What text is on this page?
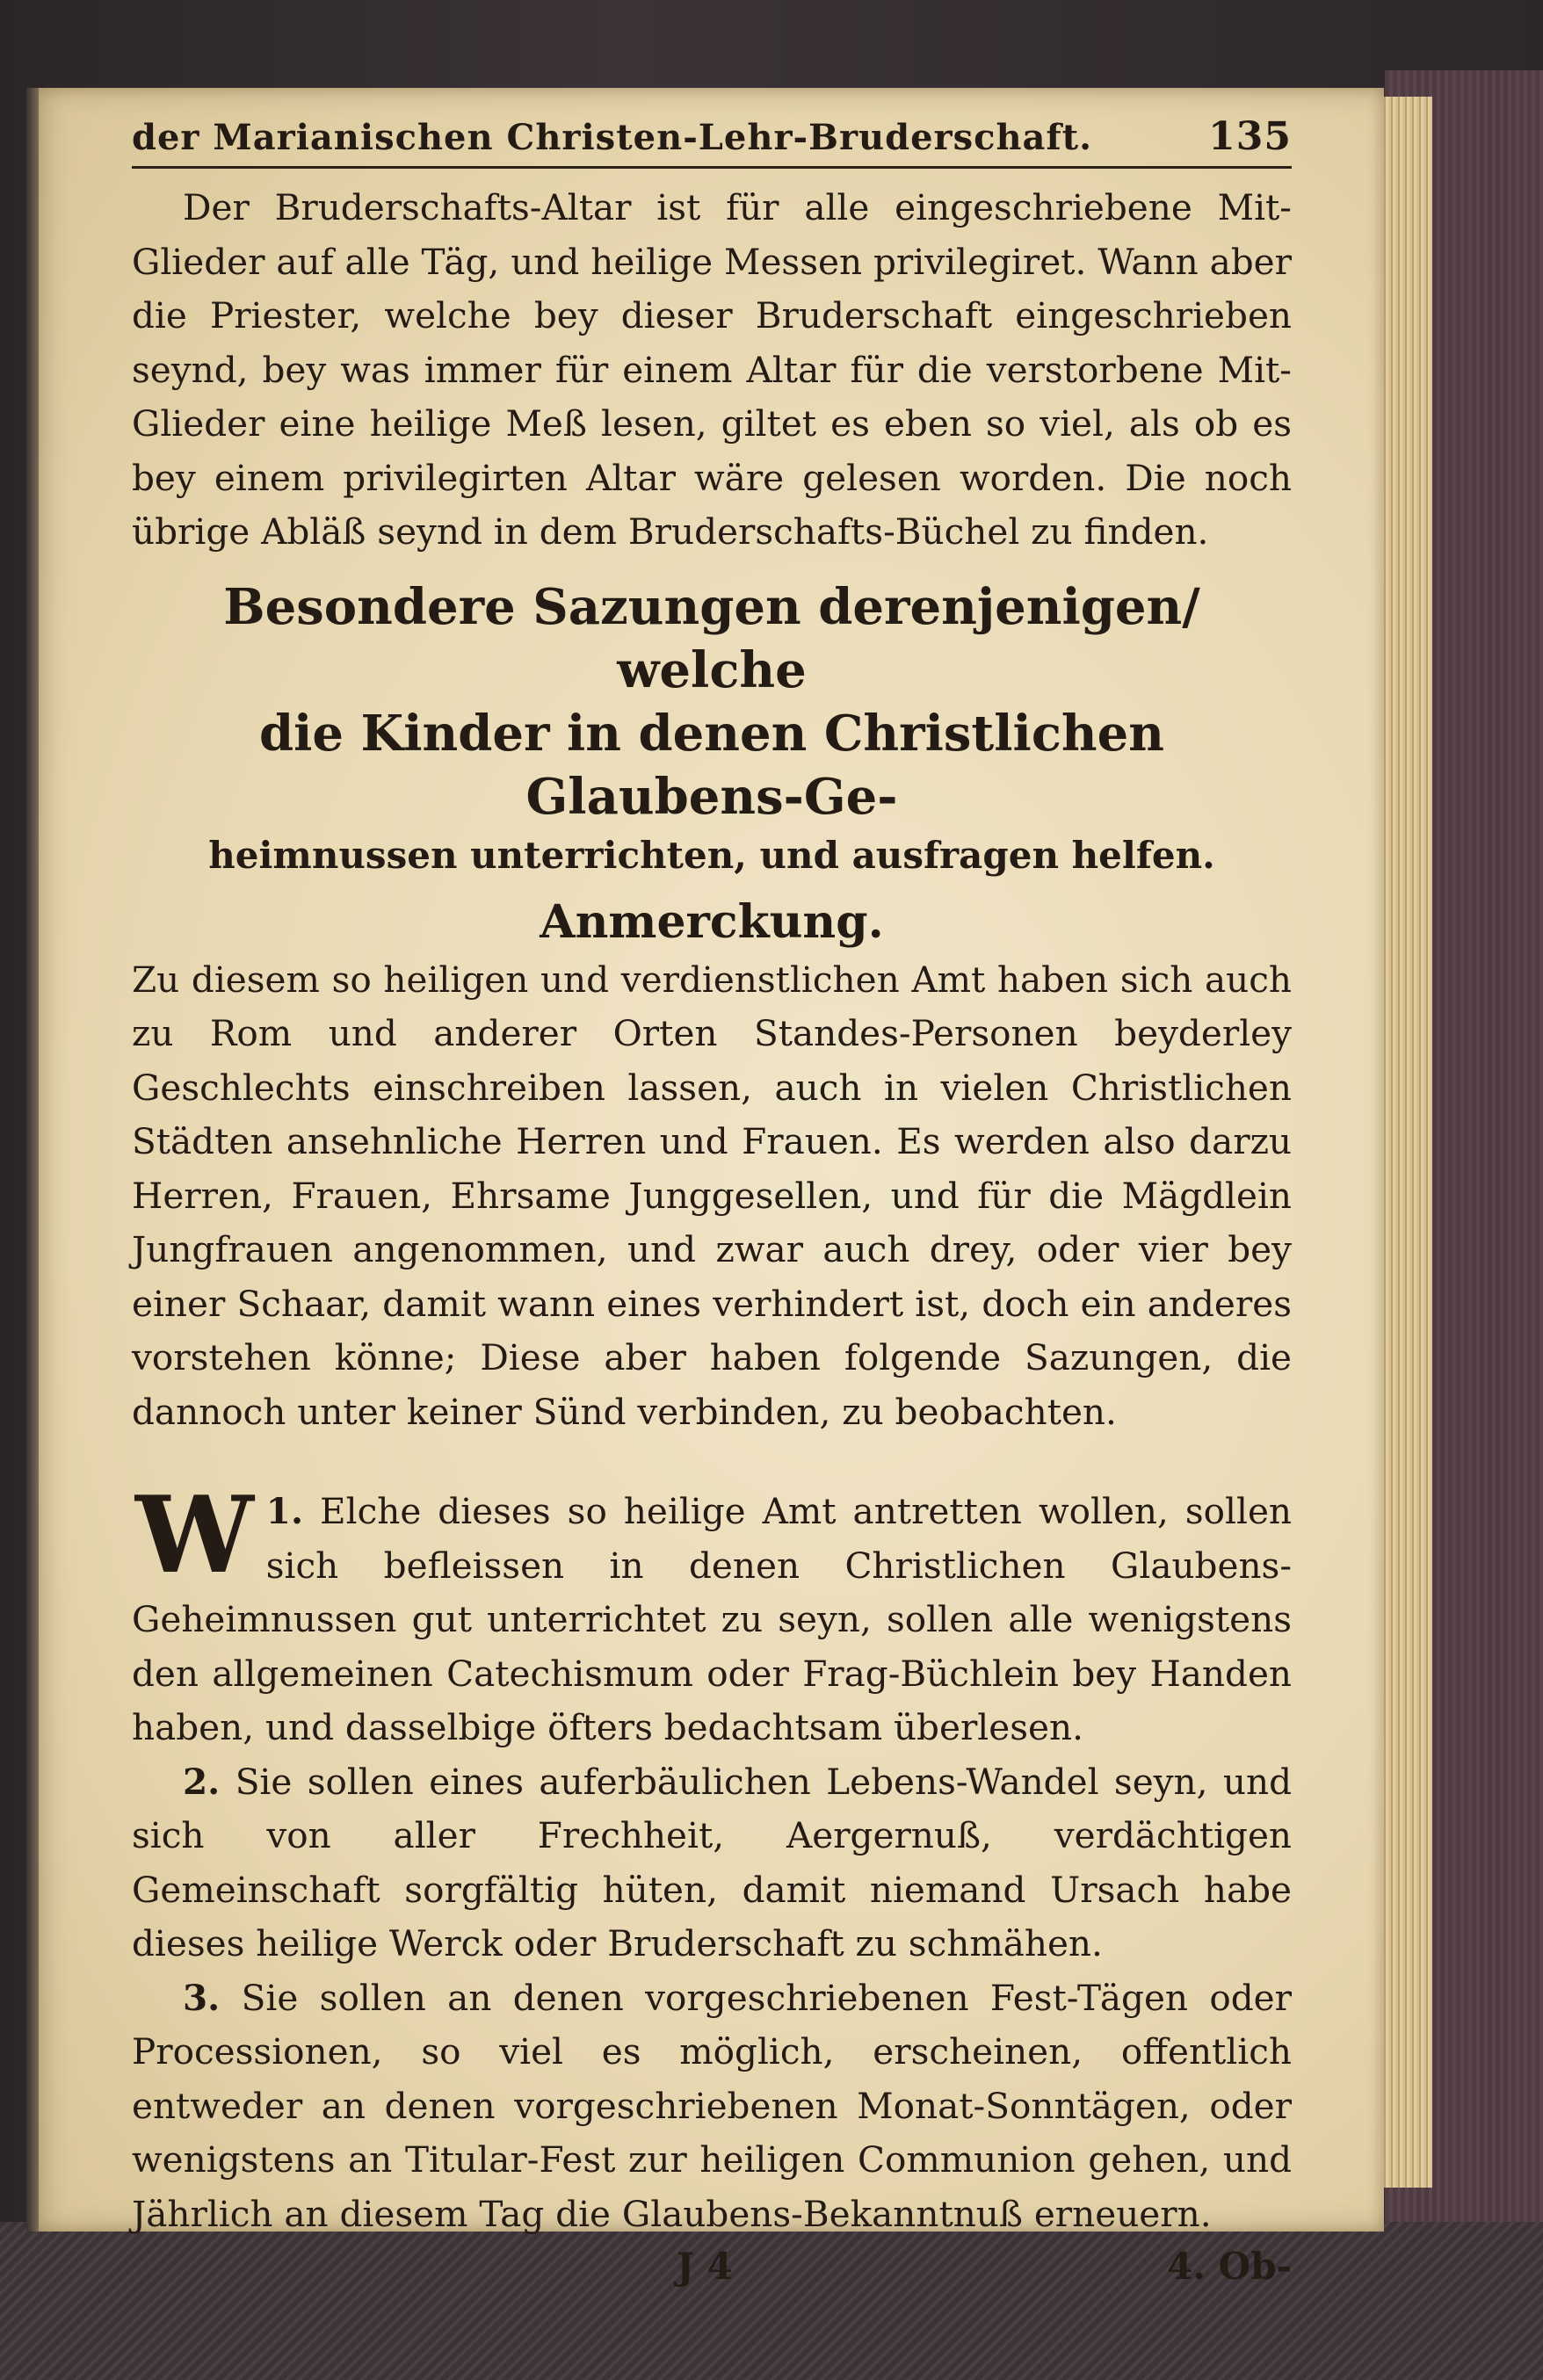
der Marianischen Christen-Lehr-Bruderschaft.	135

Der Bruderschafts-Altar ist für alle eingeschriebene Mit-Glieder auf alle Täg, und heilige Messen privilegiret. Wann aber die Priester, welche bey dieser Bruderschaft eingeschrieben seynd, bey was immer für einem Altar für die verstorbene Mit-Glieder eine heilige Meß lesen, giltet es eben so viel, als ob es bey einem privilegirten Altar wäre gelesen worden. Die noch übrige Abläß seynd in dem Bruderschafts-Büchel zu finden.

Besondere Sazungen derenjenigen/ welche
die Kinder in denen Christlichen Glaubens-Ge-
heimnussen unterrichten, und ausfragen helfen.
Anmerckung.

Zu diesem so heiligen und verdienstlichen Amt haben sich auch zu Rom und anderer Orten Standes-Personen beyderley Geschlechts einschreiben lassen, auch in vielen Christlichen Städten ansehnliche Herren und Frauen. Es werden also darzu Herren, Frauen, Ehrsame Junggesellen, und für die Mägdlein Jungfrauen angenommen, und zwar auch drey, oder vier bey einer Schaar, damit wann eines verhindert ist, doch ein anderes vorstehen könne; Diese aber haben folgende Sazungen, die dannoch unter keiner Sünd verbinden, zu beobachten.

1.
W Elche dieses so heilige Amt antretten wollen, sollen sich befleissen in denen Christlichen Glaubens-Geheimnussen gut unterrichtet zu seyn, sollen alle wenigstens den allgemeinen Catechismum oder Frag-Büchlein bey Handen haben, und dasselbige öfters bedachtsam überlesen.

2. Sie sollen eines auferbäulichen Lebens-Wandel seyn, und sich von aller Frechheit, Aergernuß, verdächtigen Gemeinschaft sorgfältig hüten, damit niemand Ursach habe dieses heilige Werck oder Bruderschaft zu schmähen.

3. Sie sollen an denen vorgeschriebenen Fest-Tägen oder Processionen, so viel es möglich, erscheinen, offentlich entweder an denen vorgeschriebenen Monat-Sonntägen, oder wenigstens an Titular-Fest zur heiligen Communion gehen, und Jährlich an diesem Tag die Glaubens-Bekanntnuß erneuern.

J 4	4. Ob-
